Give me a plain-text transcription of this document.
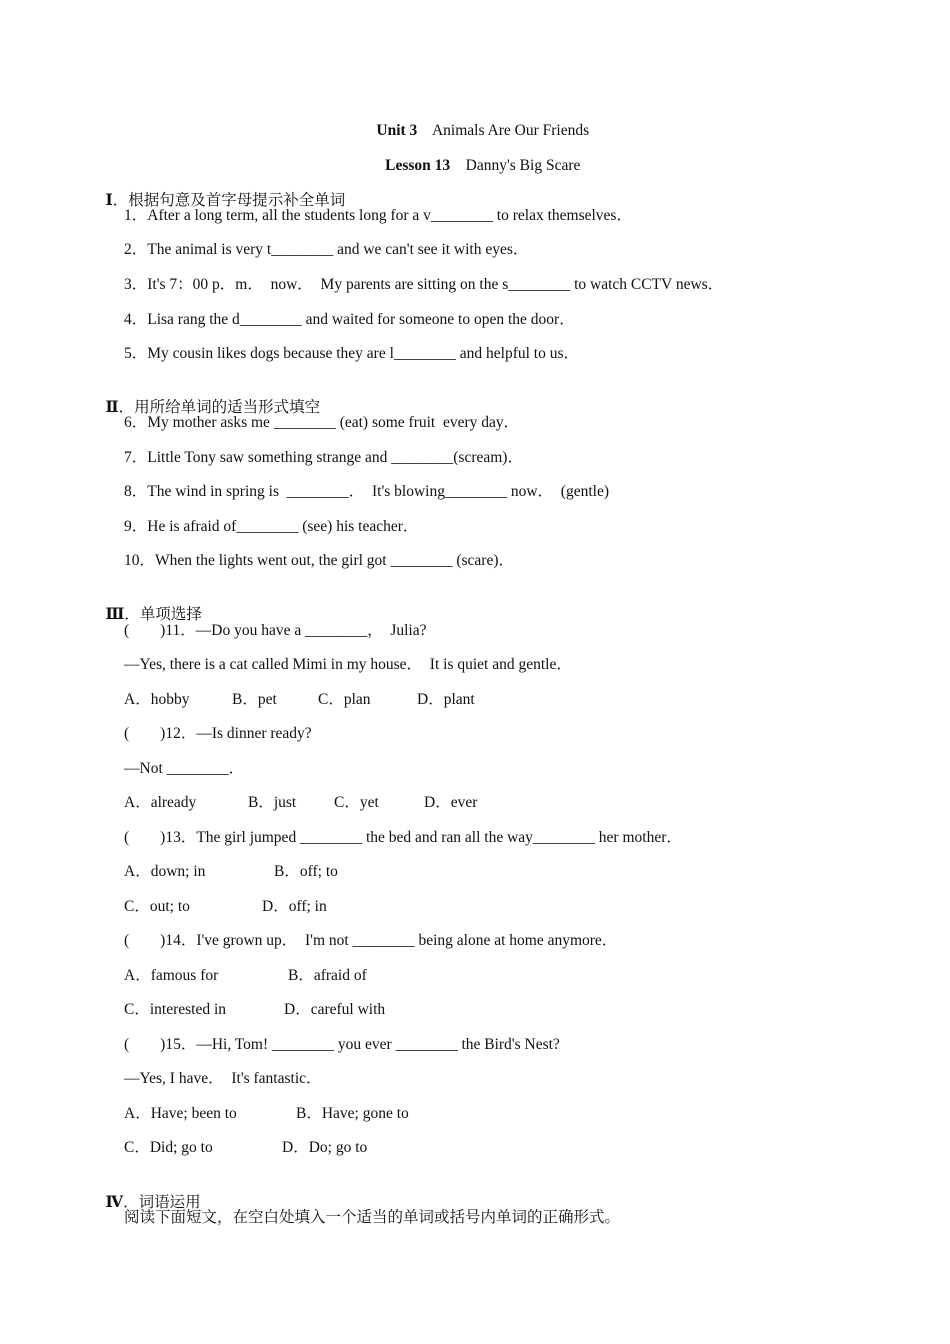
Unit 3 Animals Are Our Friends

Lesson 13 Danny's Big Scare

Ⅰ．根据句意及首字母提示补全单词

1．After a long term, all the students long for a v________ to relax themselves．
2．The animal is very t________ and we can't see it with eyes．
3．It's 7：00 p．m．  now．  My parents are sitting on the s________ to watch CCTV news．
4．Lisa rang the d________ and waited for someone to open the door．
5．My cousin likes dogs because they are l________ and helpful to us．

Ⅱ．用所给单词的适当形式填空

6．My mother asks me ________ (eat) some fruit  every day．
7．Little Tony saw something strange and ________(scream)．
8．The wind in spring is  ________．  It's blowing________ now．  (gentle)
9．He is afraid of________ (see) his teacher．
10．When the lights went out, the girl got ________ (scare)．

Ⅲ．单项选择

(　　)11．—Do you have a ________，  Julia?
—Yes, there is a cat called Mimi in my house．  It is quiet and gentle．
A．hobby	B．pet	C．plan	D．plant
(　　)12．—Is dinner ready?
—Not ________．
A．already	B．just C．yet	D．ever
(　　)13．The girl jumped ________ the bed and ran all the way________ her mother．
A．down; in	B．off; to
C．out; to	D．off; in
(　　)14．I've grown up．  I'm not ________ being alone at home anymore．
A．famous for	B．afraid of
C．interested in	D．careful with
(　　)15．—Hi, Tom! ________ you ever ________ the Bird's Nest?
—Yes, I have．  It's fantastic．
A．Have; been to	B．Have; gone to
C．Did; go to	D．Do; go to

Ⅳ．词语运用

阅读下面短文，在空白处填入一个适当的单词或括号内单词的正确形式。
